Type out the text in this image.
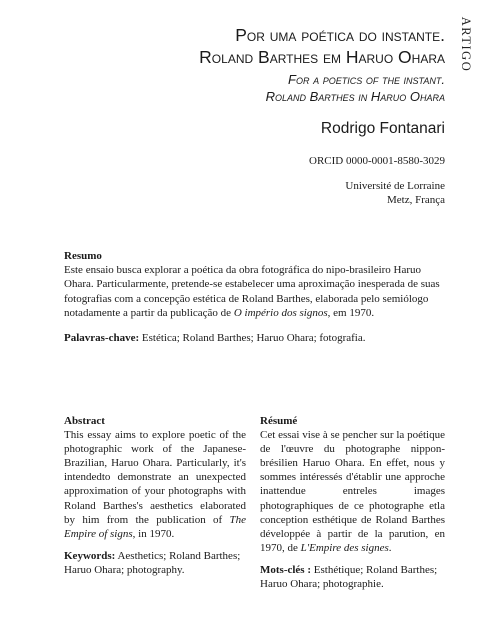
Por uma poética do instante.
Roland Barthes em Haruo Ohara
For a poetics of the instant.
Roland Barthes in Haruo Ohara
ARTIGO
Rodrigo Fontanari
ORCID 0000-0001-8580-3029
Université de Lorraine
Metz, França
Resumo

Este ensaio busca explorar a poética da obra fotográfica do nipo-brasileiro Haruo Ohara. Particularmente, pretende-se estabelecer uma aproximação inesperada de suas fotografias com a concepção estética de Roland Barthes, elaborada pelo semiólogo notadamente a partir da publicação de O império dos signos, em 1970.

Palavras-chave: Estética; Roland Barthes; Haruo Ohara; fotografia.
Abstract

This essay aims to explore poetic of the photographic work of the Japanese-Brazilian, Haruo Ohara. Particularly, it's intendedto demonstrate an unexpected approximation of your photographs with Roland Barthes's aesthetics elaborated by him from the publication of The Empire of signs, in 1970.

Keywords: Aesthetics; Roland Barthes; Haruo Ohara; photography.
Résumé

Cet essai vise à se pencher sur la poétique de l'œuvre du photographe nippon-brésilien Haruo Ohara. En effet, nous y sommes intéressés d'établir une approche inattendue entreles images photographiques de ce photographe etla conception esthétique de Roland Barthes développée à partir de la parution, en 1970, de L'Empire des signes.

Mots-clés : Esthétique; Roland Barthes; Haruo Ohara; photographie.
